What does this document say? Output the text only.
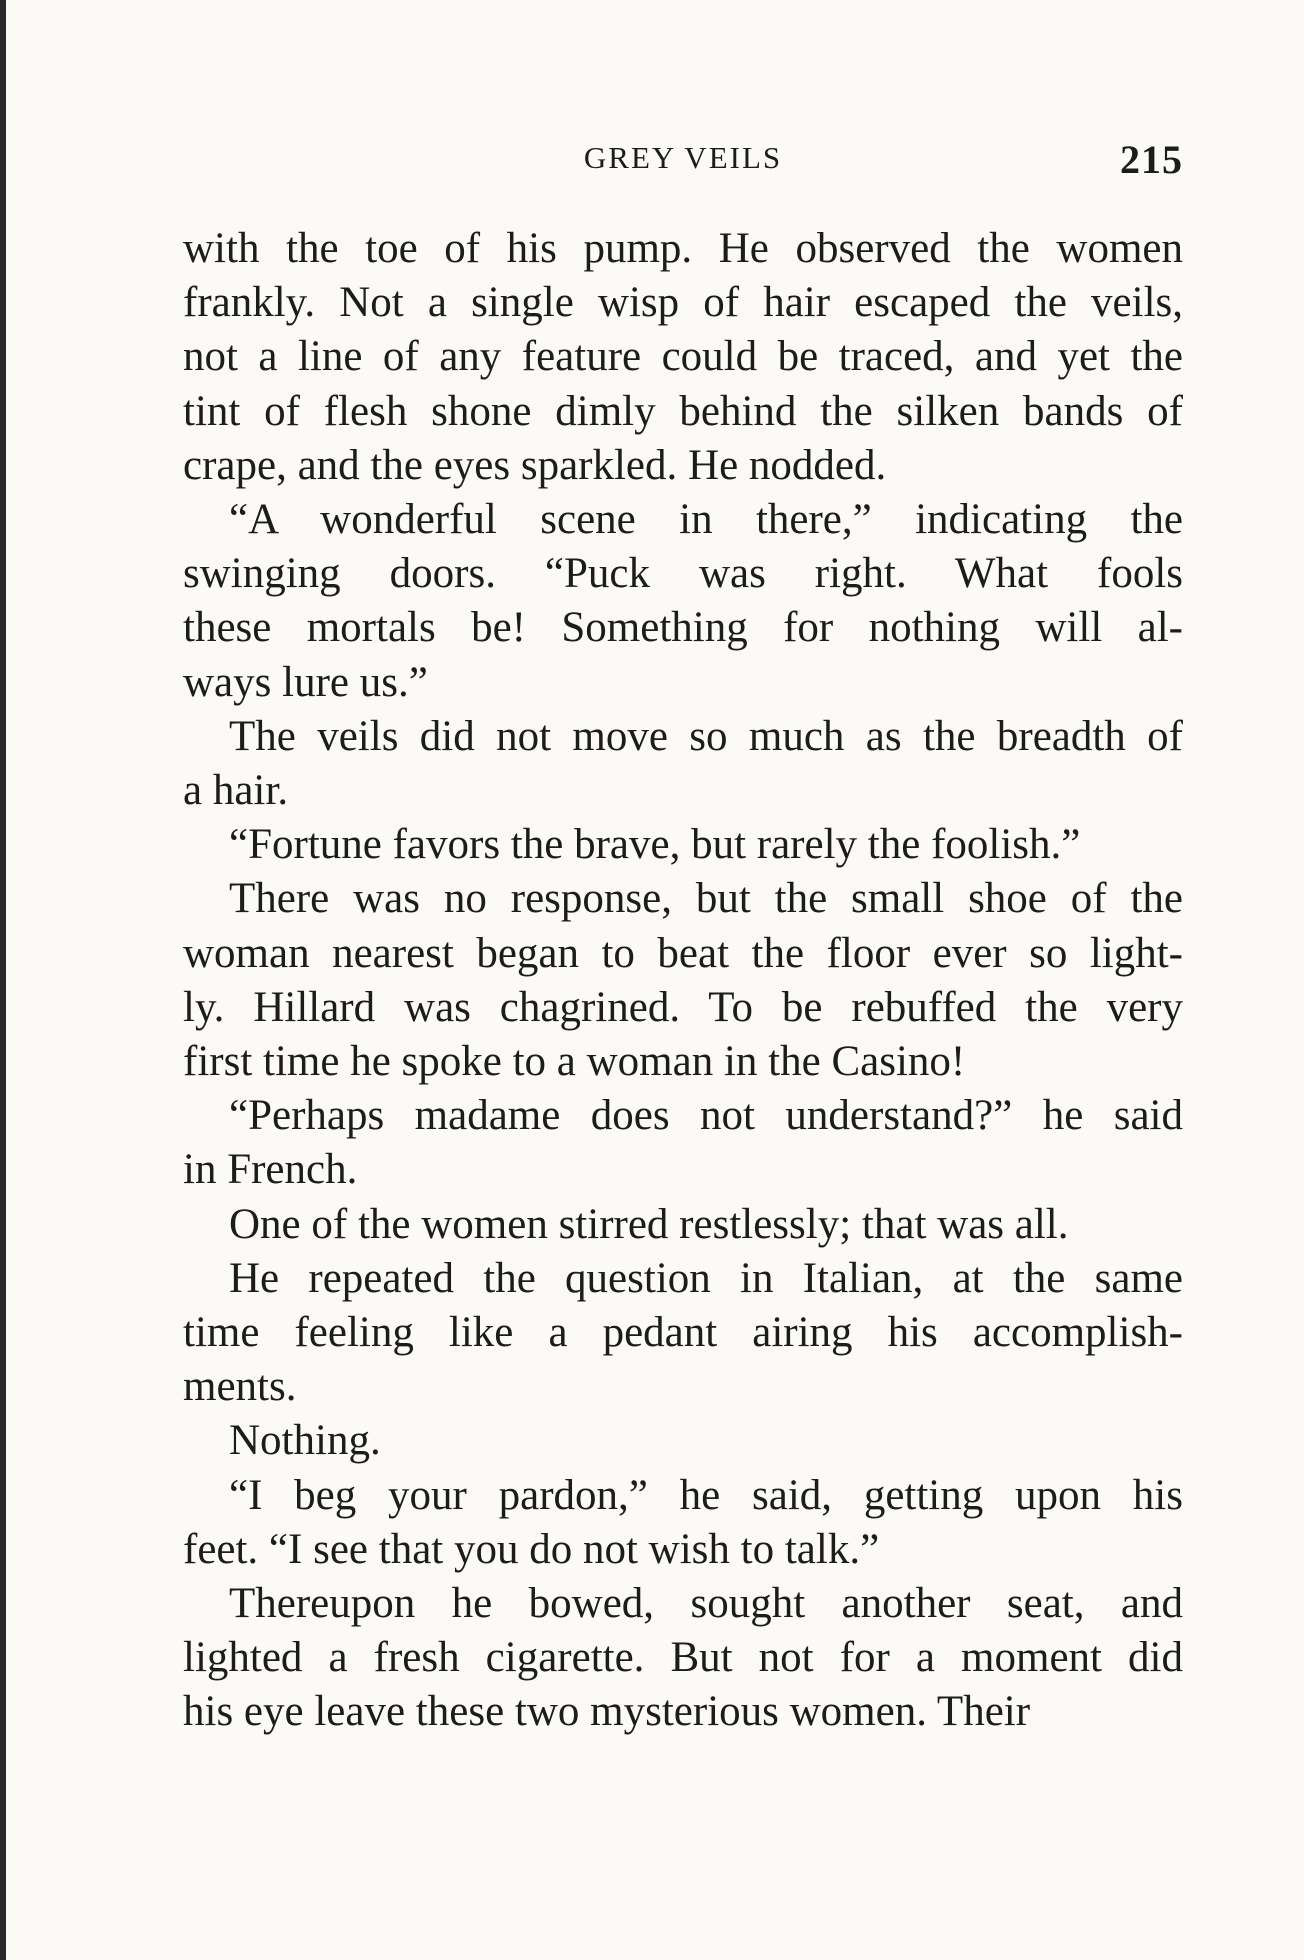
GREY VEILS	215

with the toe of his pump. He observed the women
frankly. Not a single wisp of hair escaped the veils,
not a line of any feature could be traced, and yet the
tint of flesh shone dimly behind the silken bands of
crape, and the eyes sparkled. He nodded.

“A wonderful scene in there,” indicating the
swinging doors. “Puck was right. What fools
these mortals be! Something for nothing will al-
ways lure us.”

The veils did not move so much as the breadth of
a hair.

“Fortune favors the brave, but rarely the foolish.”

There was no response, but the small shoe of the
woman nearest began to beat the floor ever so light-
ly. Hillard was chagrined. To be rebuffed the very
first time he spoke to a woman in the Casino!

“Perhaps madame does not understand?” he said
in French.

One of the women stirred restlessly; that was all.

He repeated the question in Italian, at the same
time feeling like a pedant airing his accomplish-
ments.

Nothing.

“I beg your pardon,” he said, getting upon his
feet. “I see that you do not wish to talk.”

Thereupon he bowed, sought another seat, and
lighted a fresh cigarette. But not for a moment did
his eye leave these two mysterious women. Their
